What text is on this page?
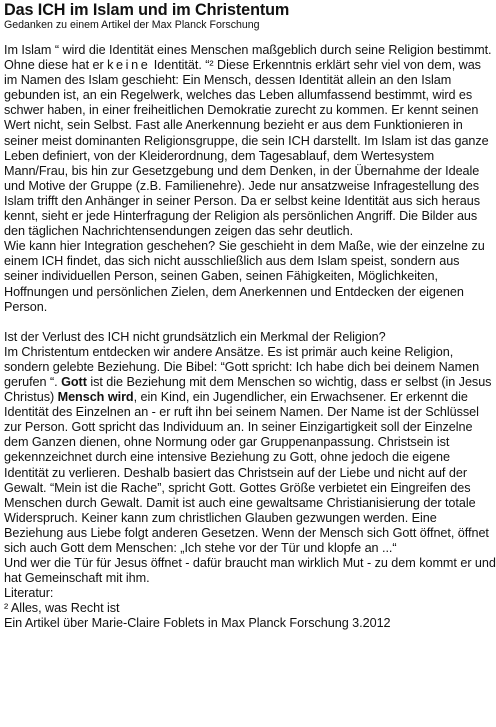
Das ICH im Islam und im Christentum
Gedanken zu einem Artikel der Max Planck Forschung

Im Islam “ wird die Identität eines Menschen maßgeblich durch seine Religion bestimmt. Ohne diese hat er keine Identität. “² Diese Erkenntnis erklärt sehr viel von dem, was im Namen des Islam geschieht: Ein Mensch, dessen Identität allein an den Islam gebunden ist, an ein Regelwerk, welches das Leben allumfassend bestimmt, wird es schwer haben, in einer freiheitlichen Demokratie zurecht zu kommen. Er kennt seinen Wert nicht, sein Selbst. Fast alle Anerkennung bezieht er aus dem Funktionieren in seiner meist dominanten Religionsgruppe, die sein ICH darstellt. Im Islam ist das ganze Leben definiert, von der Kleiderordnung, dem Tagesablauf, dem Wertesystem Mann/Frau, bis hin zur Gesetzgebung und dem Denken, in der Übernahme der Ideale und Motive der Gruppe (z.B. Familienehre). Jede nur ansatzweise Infragestellung des Islam trifft den Anhänger in seiner Person. Da er selbst keine Identität aus sich heraus kennt, sieht er jede Hinterfragung der Religion als persönlichen Angriff. Die Bilder aus den täglichen Nachrichtensendungen zeigen das sehr deutlich.

Wie kann hier Integration geschehen? Sie geschieht in dem Maße, wie der einzelne zu einem ICH findet, das sich nicht ausschließlich aus dem Islam speist, sondern aus seiner individuellen Person, seinen Gaben, seinen Fähigkeiten, Möglichkeiten, Hoffnungen und persönlichen Zielen, dem Anerkennen und Entdecken der eigenen Person.

Ist der Verlust des ICH nicht grundsätzlich ein Merkmal der Religion?

Im Christentum entdecken wir andere Ansätze. Es ist primär auch keine Religion, sondern gelebte Beziehung. Die Bibel: “Gott spricht: Ich habe dich bei deinem Namen gerufen “. Gott ist die Beziehung mit dem Menschen so wichtig, dass er selbst (in Jesus Christus) Mensch wird, ein Kind, ein Jugendlicher, ein Erwachsener. Er erkennt die Identität des Einzelnen an - er ruft ihn bei seinem Namen. Der Name ist der Schlüssel zur Person. Gott spricht das Individuum an. In seiner Einzigartigkeit soll der Einzelne dem Ganzen dienen, ohne Normung oder gar Gruppenanpassung. Christsein ist gekennzeichnet durch eine intensive Beziehung zu Gott, ohne jedoch die eigene Identität zu verlieren. Deshalb basiert das Christsein auf der Liebe und nicht auf der Gewalt. “Mein ist die Rache”, spricht Gott. Gottes Größe verbietet ein Eingreifen des Menschen durch Gewalt. Damit ist auch eine gewaltsame Christianisierung der totale Widerspruch. Keiner kann zum christlichen Glauben gezwungen werden. Eine Beziehung aus Liebe folgt anderen Gesetzen. Wenn der Mensch sich Gott öffnet, öffnet sich auch Gott dem Menschen: „Ich stehe vor der Tür und klopfe an ...“

Und wer die Tür für Jesus öffnet - dafür braucht man wirklich Mut - zu dem kommt er und hat Gemeinschaft mit ihm.

Literatur:

² Alles, was Recht ist

Ein Artikel über Marie-Claire Foblets in Max Planck Forschung 3.2012
